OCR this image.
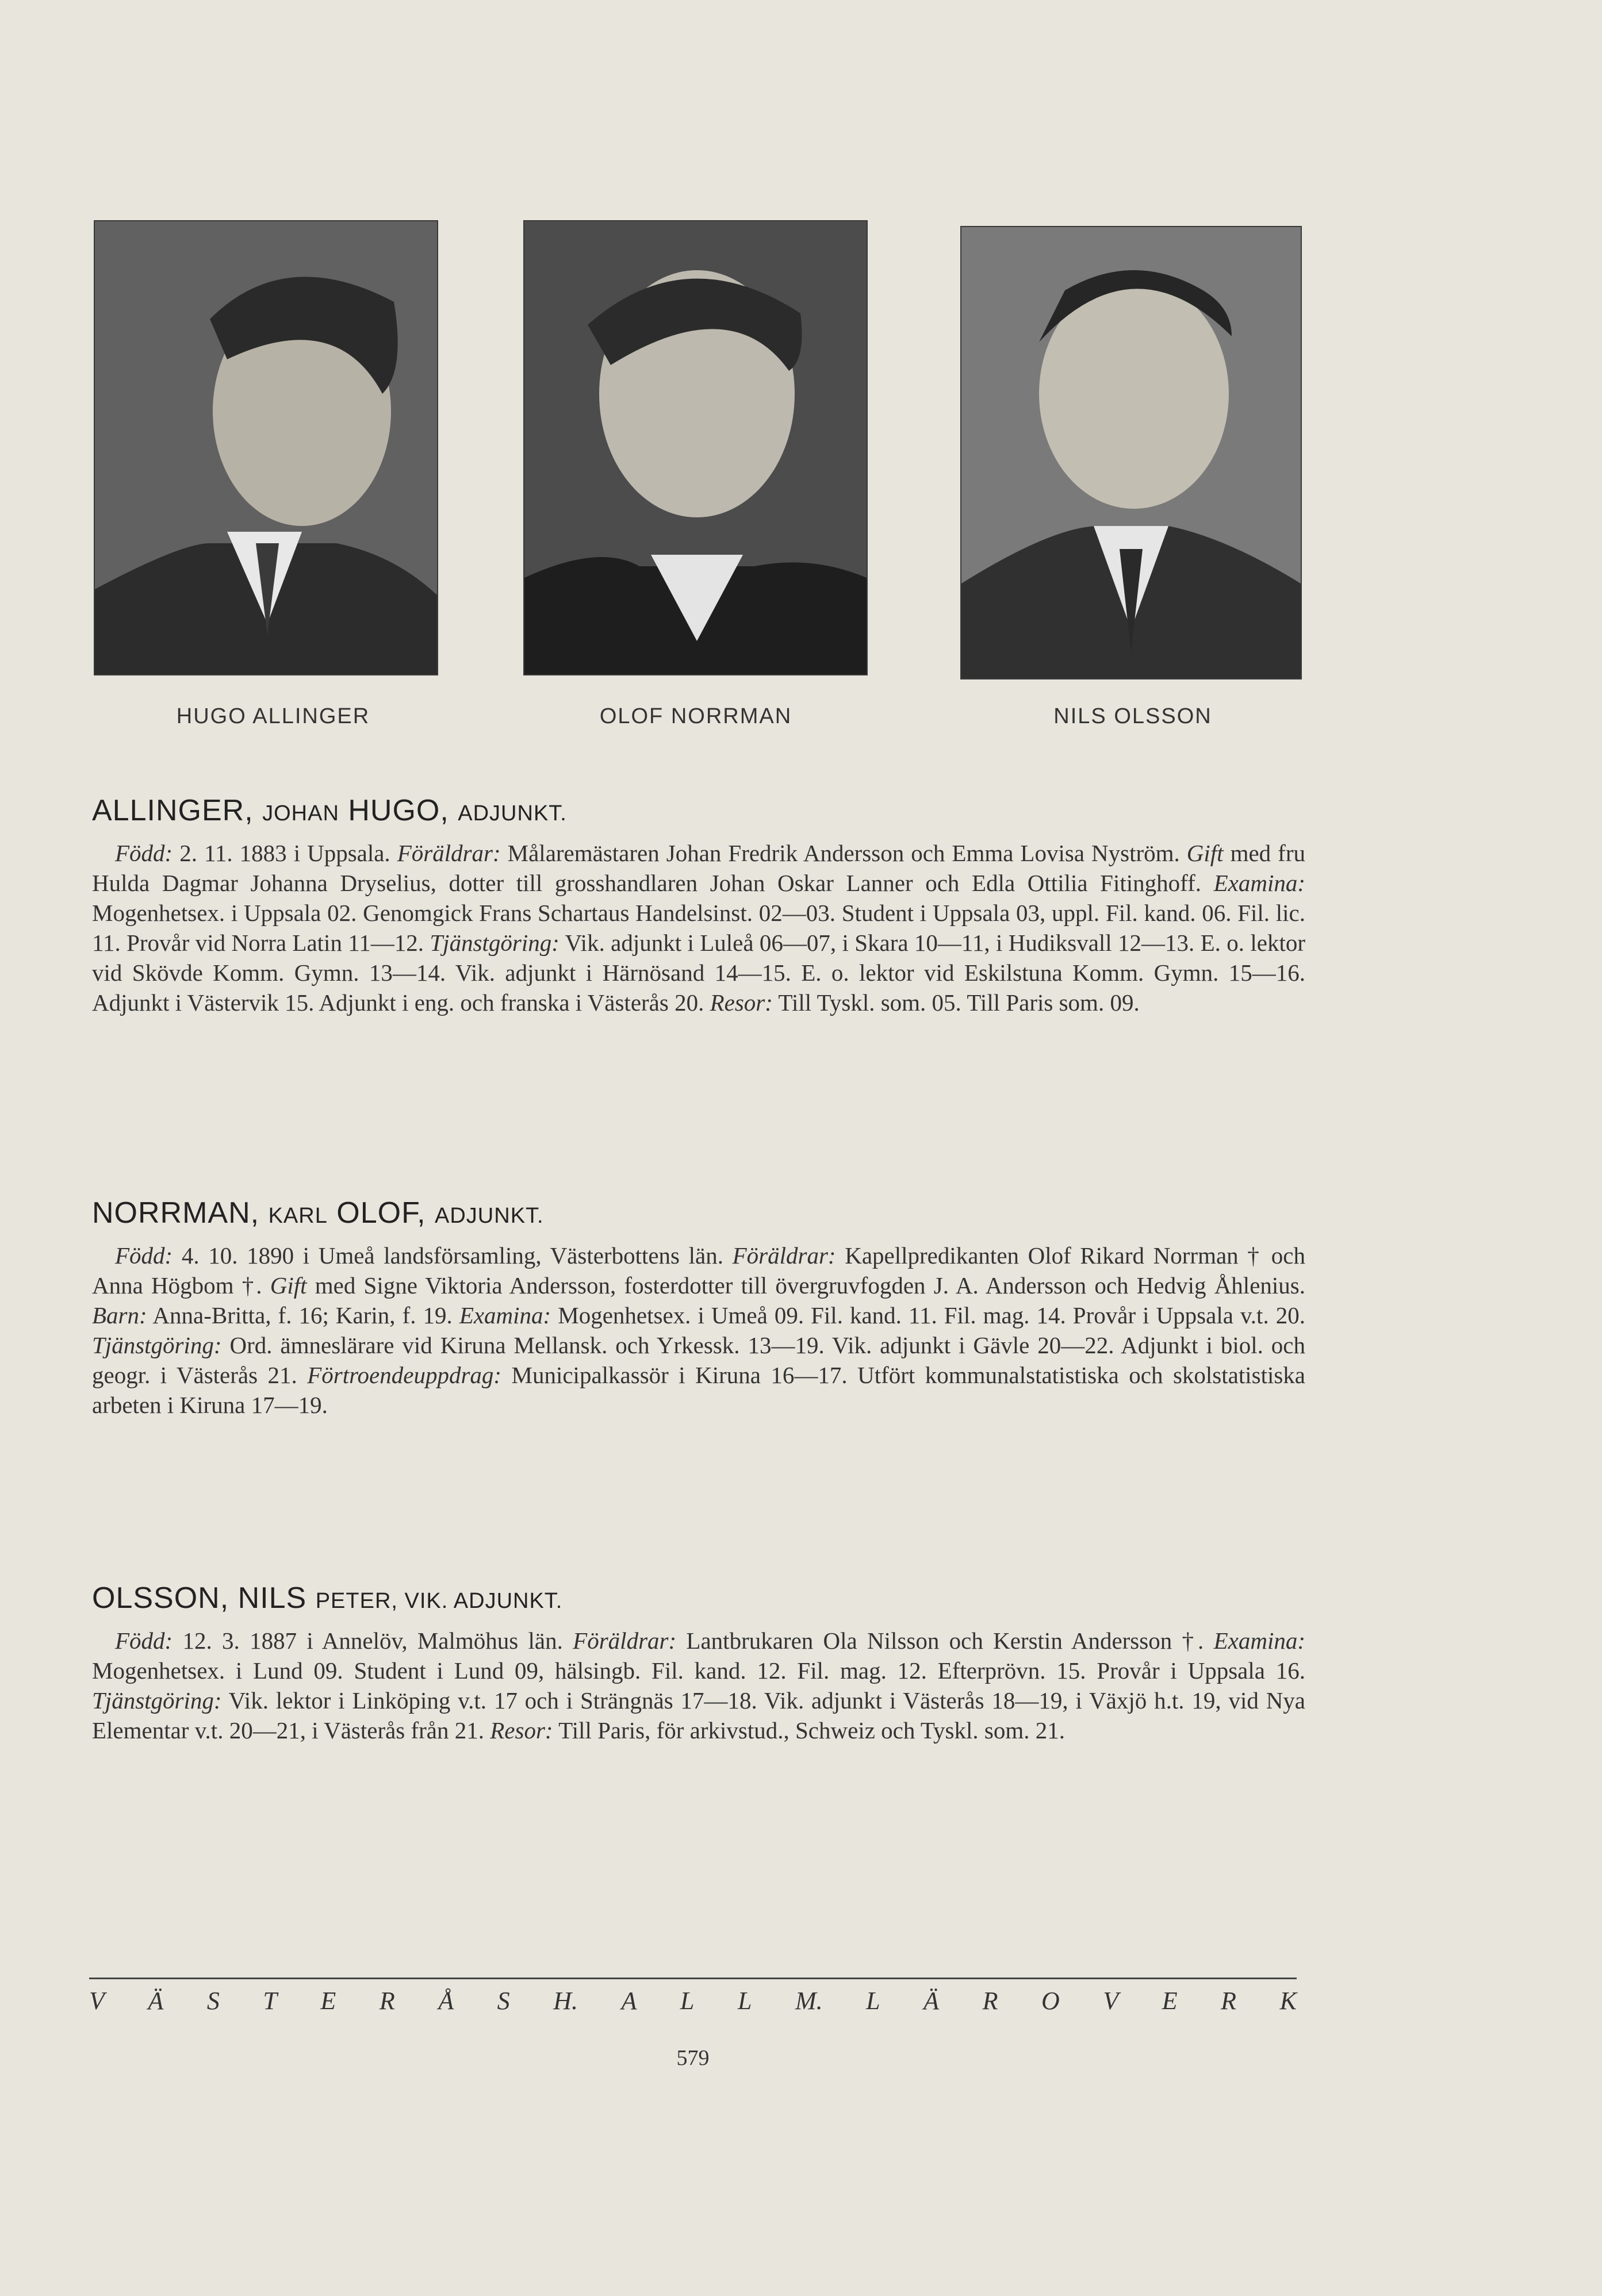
HUGO ALLINGER	OLOF NORRMAN	NILS OLSSON
ALLINGER, JOHAN HUGO, ADJUNKT.

Född: 2. 11. 1883 i Uppsala. Föräldrar: Målaremästaren Johan Fredrik Andersson och Emma Lovisa Nyström. Gift med fru Hulda Dagmar Johanna Dryselius, dotter till grosshandlaren Johan Oskar Lanner och Edla Ottilia Fitinghoff. Examina: Mogenhetsex. i Uppsala 02. Genomgick Frans Schartaus Handelsinst. 02—03. Student i Uppsala 03, uppl. Fil. kand. 06. Fil. lic. 11. Provår vid Norra Latin 11—12. Tjänstgöring: Vik. adjunkt i Luleå 06—07, i Skara 10—11, i Hudiksvall 12—13. E. o. lektor vid Skövde Komm. Gymn. 13—14. Vik. adjunkt i Härnösand 14—15. E. o. lektor vid Eskilstuna Komm. Gymn. 15—16. Adjunkt i Västervik 15. Adjunkt i eng. och franska i Västerås 20. Resor: Till Tyskl. som. 05. Till Paris som. 09.

NORRMAN, KARL OLOF, ADJUNKT.

Född: 4. 10. 1890 i Umeå landsförsamling, Västerbottens län. Föräldrar: Kapellpredikanten Olof Rikard Norrman † och Anna Högbom †. Gift med Signe Viktoria Andersson, fosterdotter till övergruvfogden J. A. Andersson och Hedvig Åhlenius. Barn: Anna-Britta, f. 16; Karin, f. 19. Examina: Mogenhetsex. i Umeå 09. Fil. kand. 11. Fil. mag. 14. Provår i Uppsala v.t. 20. Tjänstgöring: Ord. ämneslärare vid Kiruna Mellansk. och Yrkessk. 13—19. Vik. adjunkt i Gävle 20—22. Adjunkt i biol. och geogr. i Västerås 21. Förtroendeuppdrag: Municipalkassör i Kiruna 16—17. Utfört kommunalstatistiska och skolstatistiska arbeten i Kiruna 17—19.

OLSSON, NILS PETER, VIK. ADJUNKT.

Född: 12. 3. 1887 i Annelöv, Malmöhus län. Föräldrar: Lantbrukaren Ola Nilsson och Kerstin Andersson †. Examina: Mogenhetsex. i Lund 09. Student i Lund 09, hälsingb. Fil. kand. 12. Fil. mag. 12. Efterprövn. 15. Provår i Uppsala 16. Tjänstgöring: Vik. lektor i Linköping v.t. 17 och i Strängnäs 17—18. Vik. adjunkt i Västerås 18—19, i Växjö h.t. 19, vid Nya Elementar v.t. 20—21, i Västerås från 21. Resor: Till Paris, för arkivstud., Schweiz och Tyskl. som. 21.

V Ä S T E R Å S H. A L L M. L Ä R O V E R K
579
